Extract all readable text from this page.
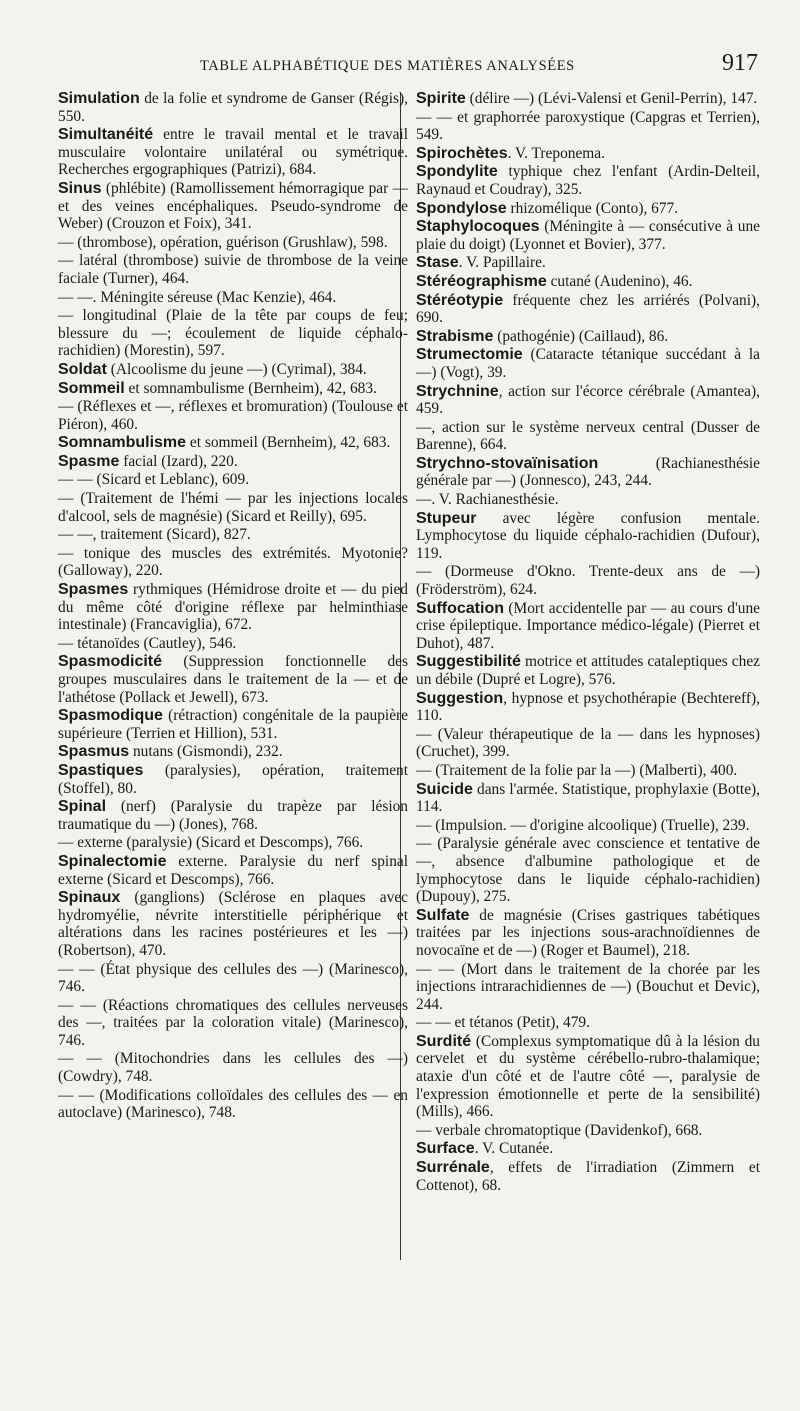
TABLE ALPHABÉTIQUE DES MATIÈRES ANALYSÉES	917

Simulation de la folie et syndrome de Ganser (Régis), 550.

Simultanéité entre le travail mental et le travail musculaire volontaire unilatéral ou symétrique. Recherches ergographiques (Patrizi), 684.

Sinus (phlébite) (Ramollissement hémorragique par — et des veines encéphaliques. Pseudo-syndrome de Weber) (Crouzon et Foix), 341.

— (thrombose), opération, guérison (Grushlaw), 598.

— latéral (thrombose) suivie de thrombose de la veine faciale (Turner), 464.

— —. Méningite séreuse (Mac Kenzie), 464.

— longitudinal (Plaie de la tête par coups de feu; blessure du —; écoulement de liquide céphalo-rachidien) (Morestin), 597.

Soldat (Alcoolisme du jeune —) (Cyrimal), 384.

Sommeil et somnambulisme (Bernheim), 42, 683.

— (Réflexes et —, réflexes et bromuration) (Toulouse et Piéron), 460.

Somnambulisme et sommeil (Bernheim), 42, 683.

Spasme facial (Izard), 220.

— — (Sicard et Leblanc), 609.

— (Traitement de l'hémi — par les injections locales d'alcool, sels de magnésie) (Sicard et Reilly), 695.

— —, traitement (Sicard), 827.

— tonique des muscles des extrémités. Myotonie? (Galloway), 220.

Spasmes rythmiques (Hémidrose droite et — du pied du même côté d'origine réflexe par helminthiase intestinale) (Francaviglia), 672.

— tétanoïdes (Cautley), 546.

Spasmodicité (Suppression fonctionnelle des groupes musculaires dans le traitement de la — et de l'athétose (Pollack et Jewell), 673.

Spasmodique (rétraction) congénitale de la paupière supérieure (Terrien et Hillion), 531.

Spasmus nutans (Gismondi), 232.

Spastiques (paralysies), opération, traitement (Stoffel), 80.

Spinal (nerf) (Paralysie du trapèze par lésion traumatique du —) (Jones), 768.

— externe (paralysie) (Sicard et Descomps), 766.

Spinalectomie externe. Paralysie du nerf spinal externe (Sicard et Descomps), 766.

Spinaux (ganglions) (Sclérose en plaques avec hydromyélie, névrite interstitielle périphérique et altérations dans les racines postérieures et les —) (Robertson), 470.

— — (État physique des cellules des —) (Marinesco), 746.

— — (Réactions chromatiques des cellules nerveuses des —, traitées par la coloration vitale) (Marinesco), 746.

— — (Mitochondries dans les cellules des —) (Cowdry), 748.

— — (Modifications colloïdales des cellules des — en autoclave) (Marinesco), 748.

Spirite (délire —) (Lévi-Valensi et Genil-Perrin), 147.

— — et graphorrée paroxystique (Capgras et Terrien), 549.

Spirochètes. V. Treponema.

Spondylite typhique chez l'enfant (Ardin-Delteil, Raynaud et Coudray), 325.

Spondylose rhizomélique (Conto), 677.

Staphylocoques (Méningite à — consécutive à une plaie du doigt) (Lyonnet et Bovier), 377.

Stase. V. Papillaire.

Stéréographisme cutané (Audenino), 46.

Stéréotypie fréquente chez les arriérés (Polvani), 690.

Strabisme (pathogénie) (Caillaud), 86.

Strumectomie (Cataracte tétanique succédant à la —) (Vogt), 39.

Strychnine, action sur l'écorce cérébrale (Amantea), 459.

—, action sur le système nerveux central (Dusser de Barenne), 664.

Strychno-stovaïnisation (Rachianesthésie générale par —) (Jonnesco), 243, 244.

—. V. Rachianesthésie.

Stupeur avec légère confusion mentale. Lymphocytose du liquide céphalo-rachidien (Dufour), 119.

— (Dormeuse d'Okno. Trente-deux ans de —) (Fröderström), 624.

Suffocation (Mort accidentelle par — au cours d'une crise épileptique. Importance médico-légale) (Pierret et Duhot), 487.

Suggestibilité motrice et attitudes cataleptiques chez un débile (Dupré et Logre), 576.

Suggestion, hypnose et psychothérapie (Bechtereff), 110.

— (Valeur thérapeutique de la — dans les hypnoses) (Cruchet), 399.

— (Traitement de la folie par la —) (Malberti), 400.

Suicide dans l'armée. Statistique, prophylaxie (Botte), 114.

— (Impulsion. — d'origine alcoolique) (Truelle), 239.

— (Paralysie générale avec conscience et tentative de —, absence d'albumine pathologique et de lymphocytose dans le liquide céphalo-rachidien) (Dupouy), 275.

Sulfate de magnésie (Crises gastriques tabétiques traitées par les injections sous-arachnoïdiennes de novocaïne et de —) (Roger et Baumel), 218.

— — (Mort dans le traitement de la chorée par les injections intrarachidiennes de —) (Bouchut et Devic), 244.

— — et tétanos (Petit), 479.

Surdité (Complexus symptomatique dû à la lésion du cervelet et du système cérébello-rubro-thalamique; ataxie d'un côté et de l'autre côté —, paralysie de l'expression émotionnelle et perte de la sensibilité) (Mills), 466.

— verbale chromatoptique (Davidenkof), 668.

Surface. V. Cutanée.

Surrénale, effets de l'irradiation (Zimmern et Cottenot), 68.
